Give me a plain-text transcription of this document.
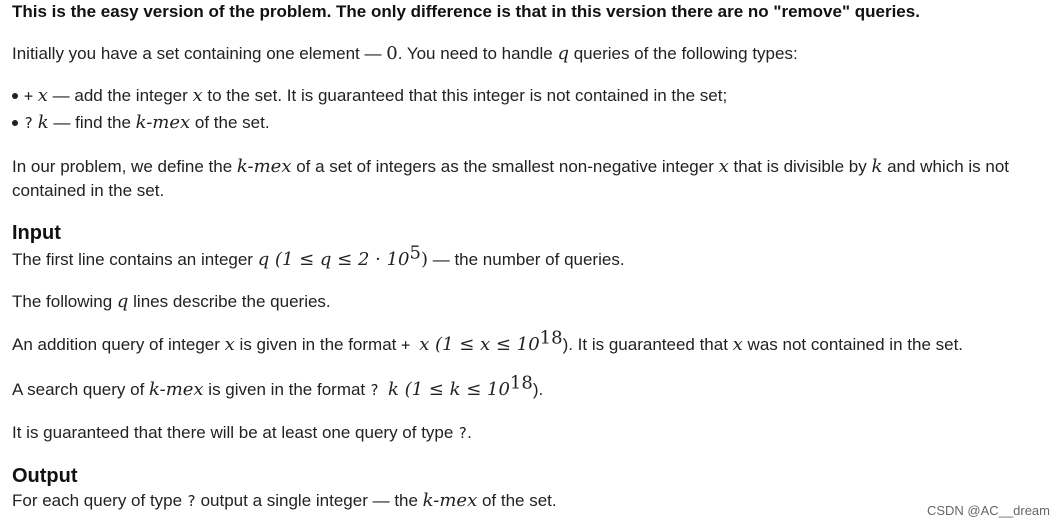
This is the easy version of the problem. The only difference is that in this version there are no "remove" queries.
Initially you have a set containing one element — 0. You need to handle q queries of the following types:
+ x — add the integer x to the set. It is guaranteed that this integer is not contained in the set;
? k — find the k-mex of the set.
In our problem, we define the k-mex of a set of integers as the smallest non-negative integer x that is divisible by k and which is not
contained in the set.
Input
The first line contains an integer q $(1 \le q \le 2 \cdot 10^5)$ — the number of queries.
The following q lines describe the queries.
An addition query of integer x is given in the format + x $(1 \le x \le 10^{18})$. It is guaranteed that x was not contained in the set.
A search query of k-mex is given in the format ? k $(1 \le k \le 10^{18})$.
It is guaranteed that there will be at least one query of type ?.
Output
For each query of type ? output a single integer — the k-mex of the set.
CSDN @AC__dream
